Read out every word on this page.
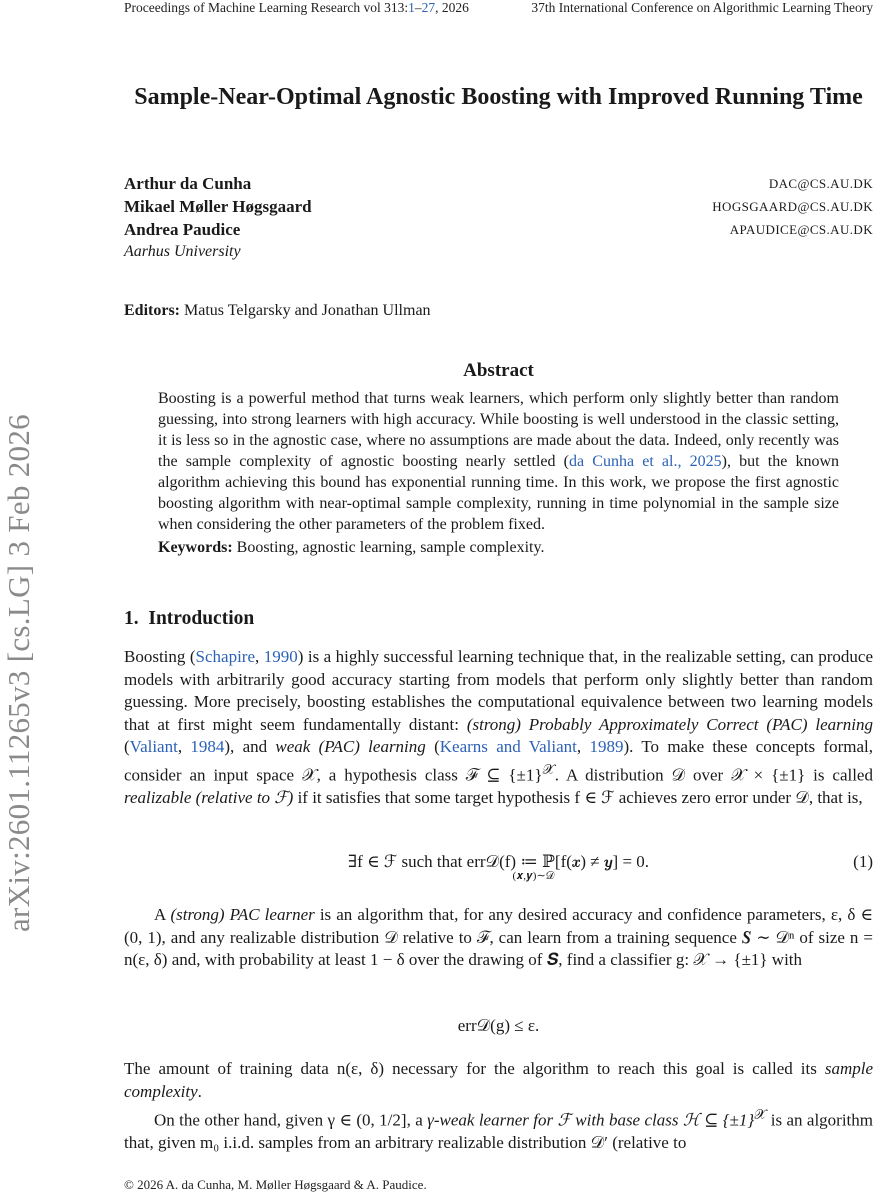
Proceedings of Machine Learning Research vol 313:1–27, 2026	37th International Conference on Algorithmic Learning Theory
arXiv:2601.11265v3 [cs.LG] 3 Feb 2026
Sample-Near-Optimal Agnostic Boosting with Improved Running Time
Arthur da Cunha	DAC@CS.AU.DK
Mikael Møller Høgsgaard	HOGSGAARD@CS.AU.DK
Andrea Paudice	APAUDICE@CS.AU.DK
Aarhus University
Editors: Matus Telgarsky and Jonathan Ullman
Abstract

Boosting is a powerful method that turns weak learners, which perform only slightly better than random guessing, into strong learners with high accuracy. While boosting is well understood in the classic setting, it is less so in the agnostic case, where no assumptions are made about the data. Indeed, only recently was the sample complexity of agnostic boosting nearly settled (da Cunha et al., 2025), but the known algorithm achieving this bound has exponential running time. In this work, we propose the first agnostic boosting algorithm with near-optimal sample complexity, running in time polynomial in the sample size when considering the other parameters of the problem fixed.

Keywords: Boosting, agnostic learning, sample complexity.

1. Introduction

Boosting (Schapire, 1990) is a highly successful learning technique that, in the realizable setting, can produce models with arbitrarily good accuracy starting from models that perform only slightly better than random guessing. More precisely, boosting establishes the computational equivalence between two learning models that at first might seem fundamentally distant: (strong) Probably Approximately Correct (PAC) learning (Valiant, 1984), and weak (PAC) learning (Kearns and Valiant, 1989). To make these concepts formal, consider an input space 𝒳, a hypothesis class ℱ ⊆ $\{\pm 1\}^𝒳$. A distribution 𝒟 over 𝒳 × {±1} is called realizable (relative to ℱ) if it satisfies that some target hypothesis f ∈ ℱ achieves zero error under 𝒟, that is,

∃f ∈ ℱ such that err𝒟(f) ≔ ℙ[f(𝒙) ≠ 𝒚] = 0.
(𝒙,𝒚)∼𝒟
(1)

A (strong) PAC learner is an algorithm that, for any desired accuracy and confidence parameters, ε, δ ∈ (0, 1), and any realizable distribution 𝒟 relative to ℱ, can learn from a training sequence 𝑺 ∼ 𝒟ⁿ of size n = n(ε, δ) and, with probability at least 1 − δ over the drawing of 𝑺, find a classifier g: 𝒳 → {±1} with

err𝒟(g) ≤ ε.

The amount of training data n(ε, δ) necessary for the algorithm to reach this goal is called its sample complexity.

On the other hand, given γ ∈ (0, 1/2], a γ-weak learner for ℱ with base class ℋ ⊆ $\{\pm 1\}^𝒳$ is an algorithm that, given m₀ i.i.d. samples from an arbitrary realizable distribution 𝒟′ (relative to

© 2026 A. da Cunha, M. Møller Høgsgaard & A. Paudice.
